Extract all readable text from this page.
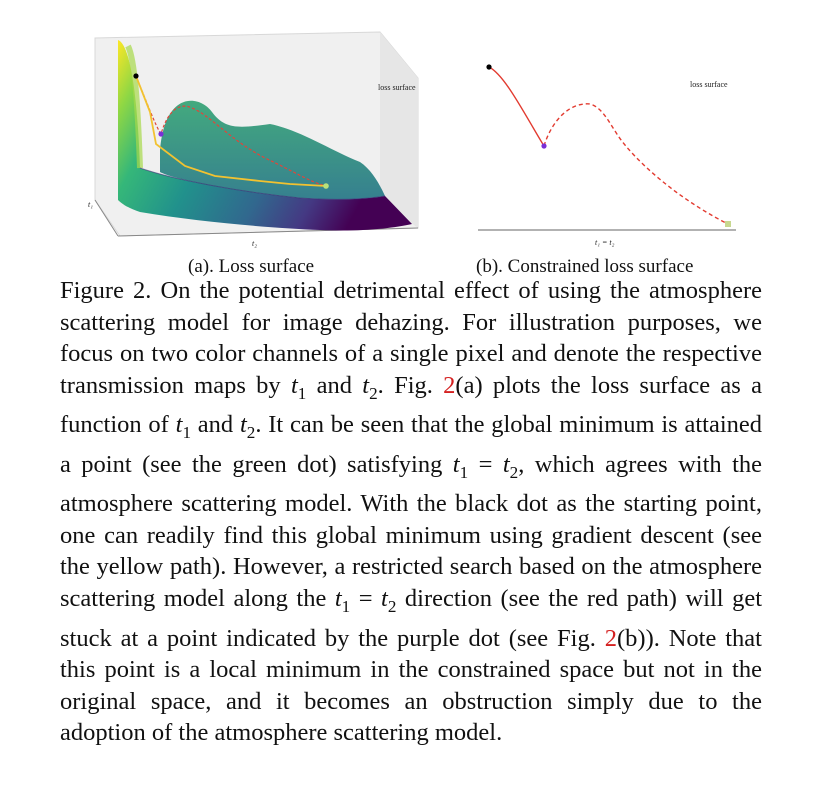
loss surface
t₁
t₂	t₁ = t₂
loss surface
(a). Loss surface	(b). Constrained loss surface

Figure 2. On the potential detrimental effect of using the atmosphere scattering model for image dehazing. For illustration purposes, we focus on two color channels of a single pixel and denote the respective transmission maps by $t_1$ and $t_2$. Fig. 2(a) plots the loss surface as a function of $t_1$ and $t_2$. It can be seen that the global minimum is attained a point (see the green dot) satisfying $t_1 = t_2$, which agrees with the atmosphere scattering model. With the black dot as the starting point, one can readily find this global minimum using gradient descent (see the yellow path). However, a restricted search based on the atmosphere scattering model along the $t_1 = t_2$ direction (see the red path) will get stuck at a point indicated by the purple dot (see Fig. 2(b)). Note that this point is a local minimum in the constrained space but not in the original space, and it becomes an obstruction simply due to the adoption of the atmosphere scattering model.
